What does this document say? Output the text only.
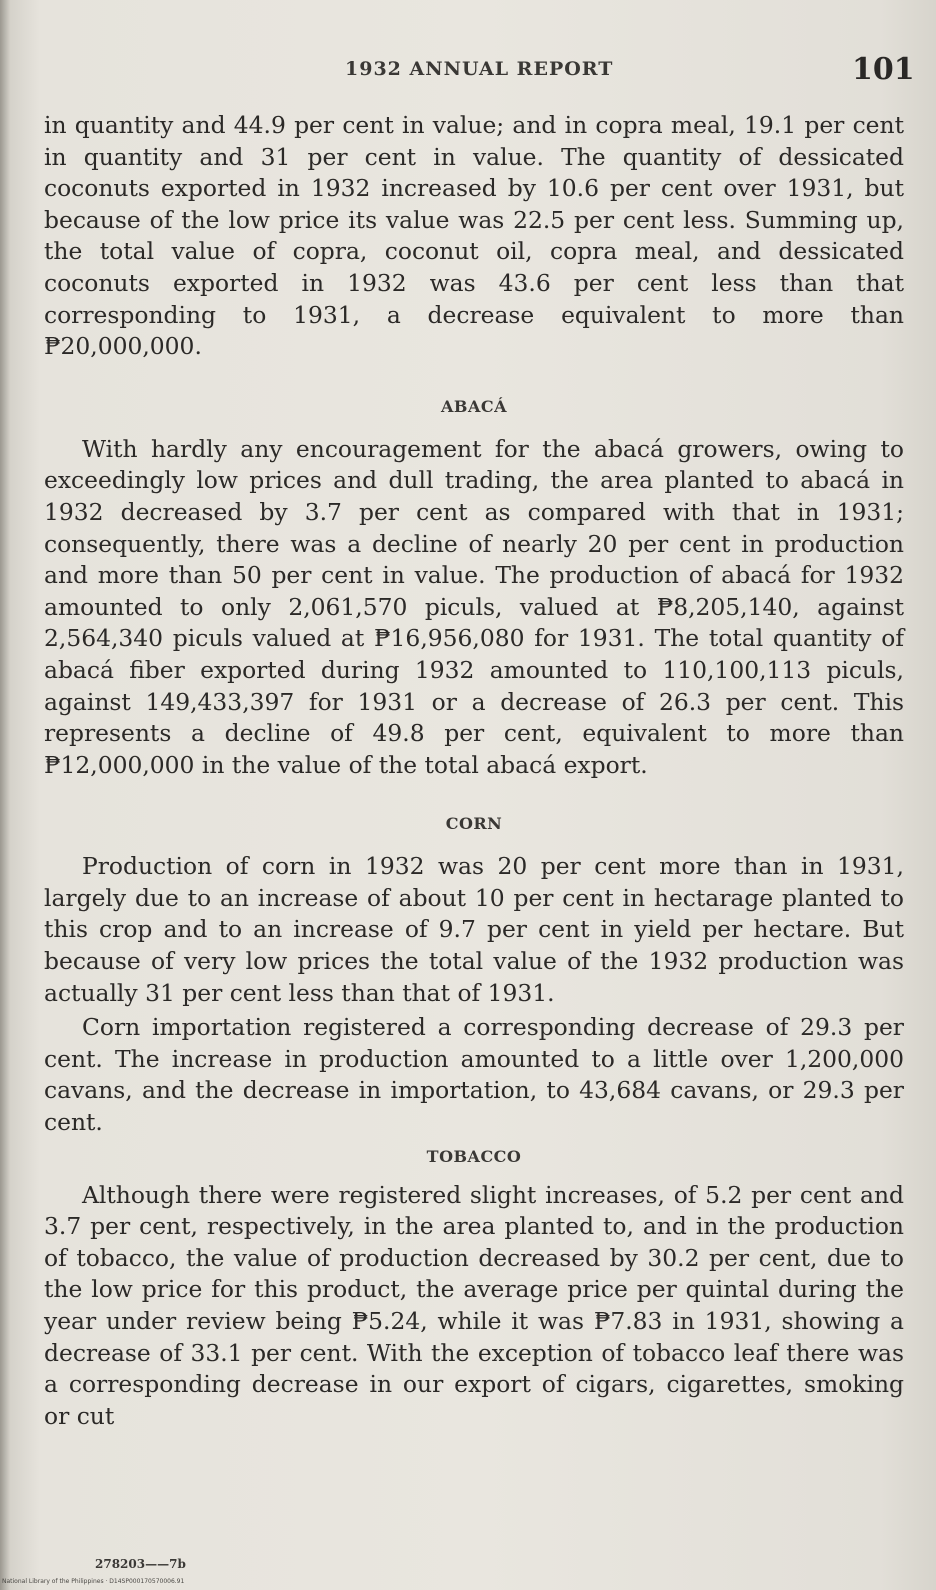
1932 ANNUAL REPORT	101

in quantity and 44.9 per cent in value; and in copra meal, 19.1 per cent in quantity and 31 per cent in value. The quantity of dessicated coconuts exported in 1932 increased by 10.6 per cent over 1931, but because of the low price its value was 22.5 per cent less. Summing up, the total value of copra, coconut oil, copra meal, and dessicated coconuts exported in 1932 was 43.6 per cent less than that corresponding to 1931, a decrease equivalent to more than ₱20,000,000.

ABACÁ

With hardly any encouragement for the abacá growers, owing to exceedingly low prices and dull trading, the area planted to abacá in 1932 decreased by 3.7 per cent as compared with that in 1931; consequently, there was a decline of nearly 20 per cent in production and more than 50 per cent in value. The production of abacá for 1932 amounted to only 2,061,570 piculs, valued at ₱8,205,140, against 2,564,340 piculs valued at ₱16,956,080 for 1931. The total quantity of abacá fiber exported during 1932 amounted to 110,100,113 piculs, against 149,433,397 for 1931 or a decrease of 26.3 per cent. This represents a decline of 49.8 per cent, equivalent to more than ₱12,000,000 in the value of the total abacá export.

CORN

Production of corn in 1932 was 20 per cent more than in 1931, largely due to an increase of about 10 per cent in hectarage planted to this crop and to an increase of 9.7 per cent in yield per hectare. But because of very low prices the total value of the 1932 production was actually 31 per cent less than that of 1931.

Corn importation registered a corresponding decrease of 29.3 per cent. The increase in production amounted to a little over 1,200,000 cavans, and the decrease in importation, to 43,684 cavans, or 29.3 per cent.

TOBACCO

Although there were registered slight increases, of 5.2 per cent and 3.7 per cent, respectively, in the area planted to, and in the production of tobacco, the value of production decreased by 30.2 per cent, due to the low price for this product, the average price per quintal during the year under review being ₱5.24, while it was ₱7.83 in 1931, showing a decrease of 33.1 per cent. With the exception of tobacco leaf there was a corresponding decrease in our export of cigars, cigarettes, smoking or cut

278203——7b
National Library of the Philippines · D14SP000170570006.91
